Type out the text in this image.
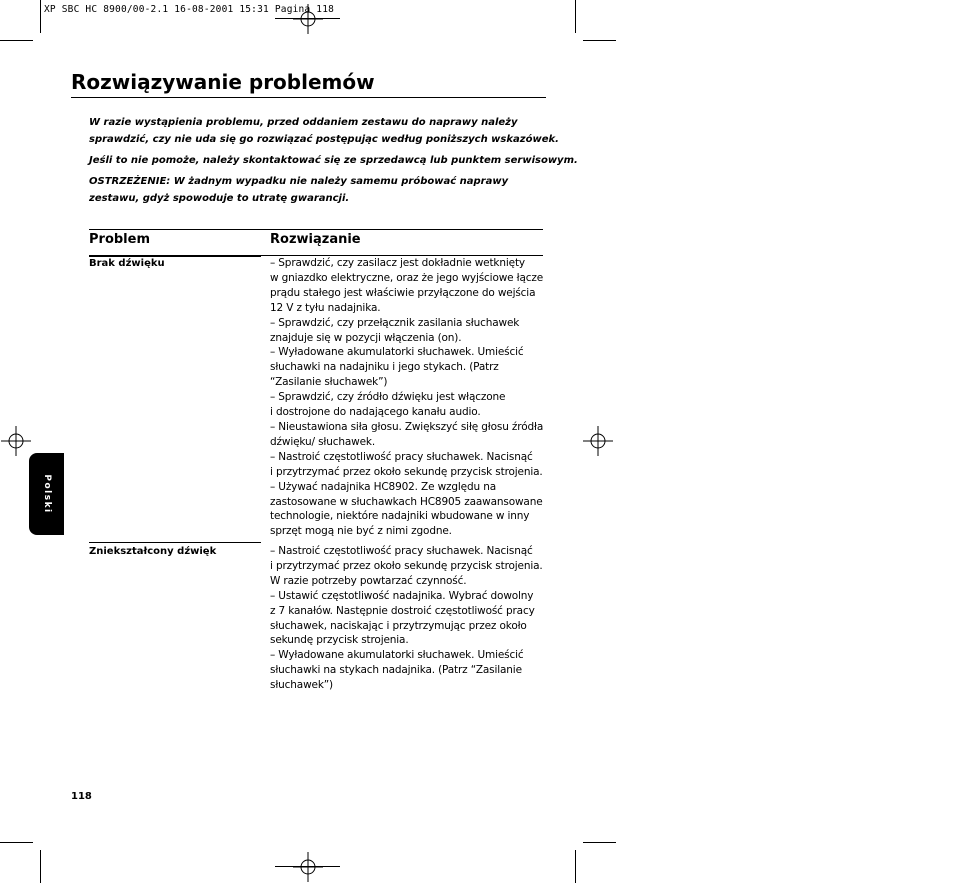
XP SBC HC 8900/00-2.1 16-08-2001 15:31 Pagina 118
Rozwiązywanie problemów
W razie wystąpienia problemu, przed oddaniem zestawu do naprawy należy
sprawdzić, czy nie uda się go rozwiązać postępując według poniższych wskazówek.
Jeśli to nie pomoże, należy skontaktować się ze sprzedawcą lub punktem serwisowym.
OSTRZEŻENIE: W żadnym wypadku nie należy samemu próbować naprawy
zestawu, gdyż spowoduje to utratę gwarancji.
Problem	Rozwiązanie
Brak dźwięku	– Sprawdzić, czy zasilacz jest dokładnie wetknięty
w gniazdko elektryczne, oraz że jego wyjściowe łącze
prądu stałego jest właściwie przyłączone do wejścia
12 V z tyłu nadajnika.
– Sprawdzić, czy przełącznik zasilania słuchawek
znajduje się w pozycji włączenia (on).
– Wyładowane akumulatorki słuchawek. Umieścić
słuchawki na nadajniku i jego stykach. (Patrz
“Zasilanie słuchawek”)
– Sprawdzić, czy źródło dźwięku jest włączone
i dostrojone do nadającego kanału audio.
– Nieustawiona siła głosu. Zwiększyć siłę głosu źródła
dźwięku/ słuchawek.
– Nastroić częstotliwość pracy słuchawek. Nacisnąć
i przytrzymać przez około sekundę przycisk strojenia.
– Używać nadajnika HC8902. Ze względu na
zastosowane w słuchawkach HC8905 zaawansowane
technologie, niektóre nadajniki wbudowane w inny
sprzęt mogą nie być z nimi zgodne.
Zniekształcony dźwięk	– Nastroić częstotliwość pracy słuchawek. Nacisnąć
i przytrzymać przez około sekundę przycisk strojenia.
W razie potrzeby powtarzać czynność.
– Ustawić częstotliwość nadajnika. Wybrać dowolny
z 7 kanałów. Następnie dostroić częstotliwość pracy
słuchawek, naciskając i przytrzymując przez około
sekundę przycisk strojenia.
– Wyładowane akumulatorki słuchawek. Umieścić
słuchawki na stykach nadajnika. (Patrz “Zasilanie
słuchawek”)
Polski
118
